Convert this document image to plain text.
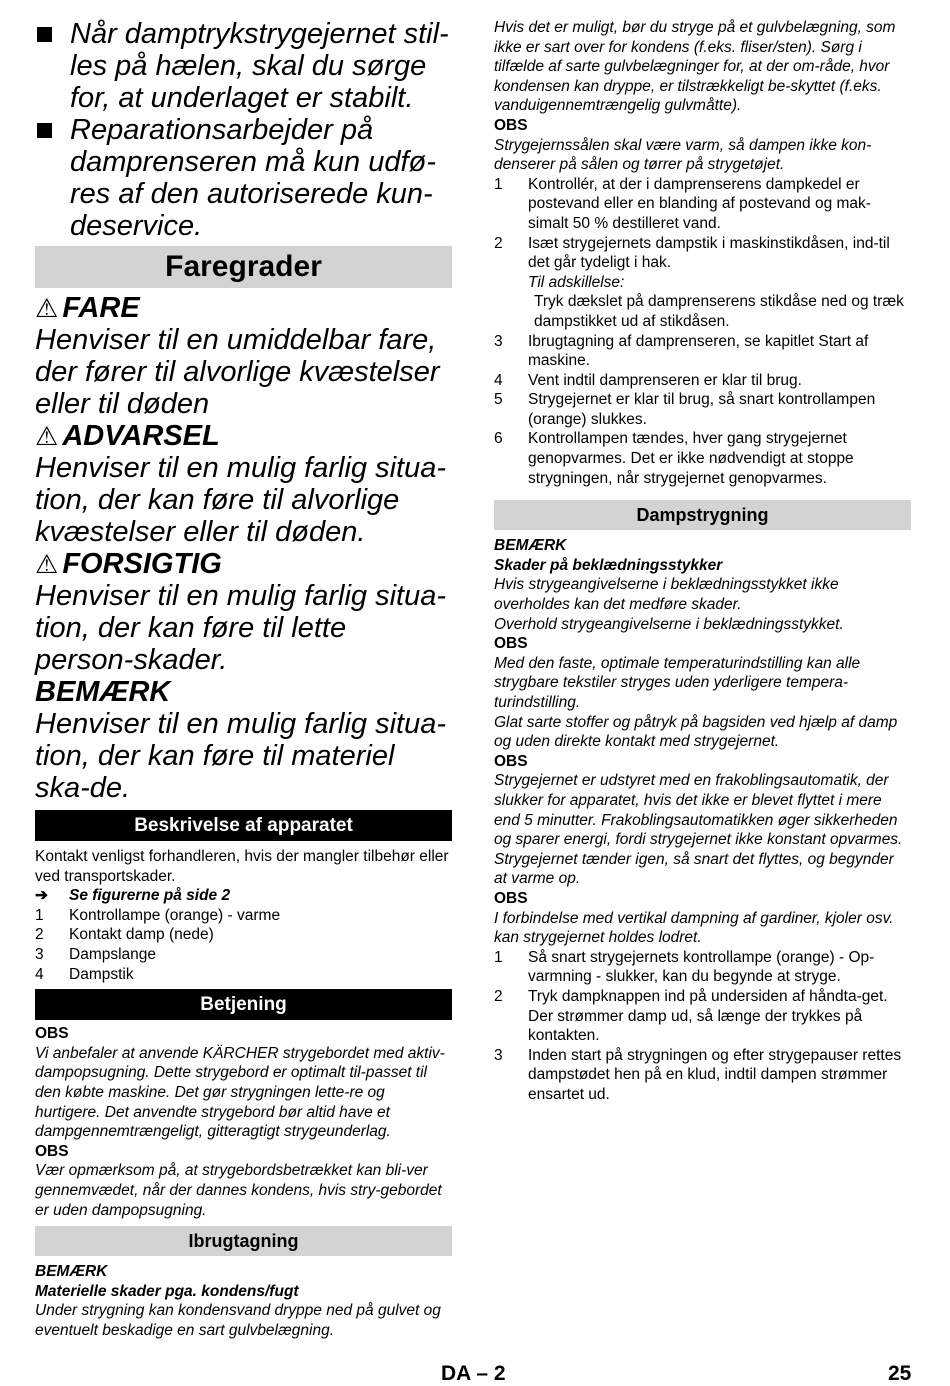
Når damptrykstrygejernet stil-les på hælen, skal du sørge for, at underlaget er stabilt.
Reparationsarbejder på damprenseren må kun udfø-res af den autoriserede kun-deservice.
Faregrader
⚠ FARE
Henviser til en umiddelbar fare, der fører til alvorlige kvæstelser eller til døden
⚠ ADVARSEL
Henviser til en mulig farlig situa-tion, der kan føre til alvorlige kvæstelser eller til døden.
⚠ FORSIGTIG
Henviser til en mulig farlig situa-tion, der kan føre til lette person-skader.
BEMÆRK
Henviser til en mulig farlig situa-tion, der kan føre til materiel ska-de.
Beskrivelse af apparatet
Kontakt venligst forhandleren, hvis der mangler tilbehør eller ved transportskader.
➔ Se figurerne på side 2
1 Kontrollampe (orange) - varme
2 Kontakt damp (nede)
3 Dampslange
4 Dampstik
Betjening
OBS
Vi anbefaler at anvende KÄRCHER strygebordet med aktiv-dampopsugning. Dette strygebord er optimalt til-passet til den købte maskine. Det gør strygningen lette-re og hurtigere. Det anvendte strygebord bør altid have et dampgennemtrængeligt, gitteragtigt strygeunderlag.
OBS
Vær opmærksom på, at strygebordsbetrækket kan bli-ver gennemvædet, når der dannes kondens, hvis stry-gebordet er uden dampopsugning.
Ibrugtagning
BEMÆRK
Materielle skader pga. kondens/fugt
Under strygning kan kondensvand dryppe ned på gulvet og eventuelt beskadige en sart gulvbelægning.
Hvis det er muligt, bør du stryge på et gulvbelægning, som ikke er sart over for kondens (f.eks. fliser/sten). Sørg i tilfælde af sarte gulvbelægninger for, at der om-råde, hvor kondensen kan dryppe, er tilstrækkeligt be-skyttet (f.eks. vanduigennemtrængelig gulvmåtte).
OBS
Strygejernssålen skal være varm, så dampen ikke kon-denserer på sålen og tørrer på strygetøjet.
1 Kontrollér, at der i damprenserens dampkedel er postevand eller en blanding af postevand og mak-simalt 50 % destilleret vand.
2 Isæt strygejernets dampstik i maskinstikdåsen, ind-til det går tydeligt i hak.
Til adskillelse:
Tryk dækslet på damprenserens stikdåse ned og træk dampstikket ud af stikdåsen.
3 Ibrugtagning af damprenseren, se kapitlet Start af maskine.
4 Vent indtil damprenseren er klar til brug.
5 Strygejernet er klar til brug, så snart kontrollampen (orange) slukkes.
6 Kontrollampen tændes, hver gang strygejernet genopvarmes. Det er ikke nødvendigt at stoppe strygningen, når strygejernet genopvarmes.
Dampstrygning
BEMÆRK
Skader på beklædningsstykker
Hvis strygeangivelserne i beklædningsstykket ikke overholdes kan det medføre skader.
Overhold strygeangivelserne i beklædningsstykket.
OBS
Med den faste, optimale temperaturindstilling kan alle strygbare tekstiler stryges uden yderligere tempera-turindstilling.
Glat sarte stoffer og påtryk på bagsiden ved hjælp af damp og uden direkte kontakt med strygejernet.
OBS
Strygejernet er udstyret med en frakoblingsautomatik, der slukker for apparatet, hvis det ikke er blevet flyttet i mere end 5 minutter. Frakoblingsautomatikken øger sikkerheden og sparer energi, fordi strygejernet ikke konstant opvarmes. Strygejernet tænder igen, så snart det flyttes, og begynder at varme op.
OBS
I forbindelse med vertikal dampning af gardiner, kjoler osv. kan strygejernet holdes lodret.
1 Så snart strygejernets kontrollampe (orange) - Op-varmning - slukker, kan du begynde at stryge.
2 Tryk dampknappen ind på undersiden af håndta-get. Der strømmer damp ud, så længe der trykkes på kontakten.
3 Inden start på strygningen og efter strygepauser rettes dampstødet hen på en klud, indtil dampen strømmer ensartet ud.
DA – 2	25
